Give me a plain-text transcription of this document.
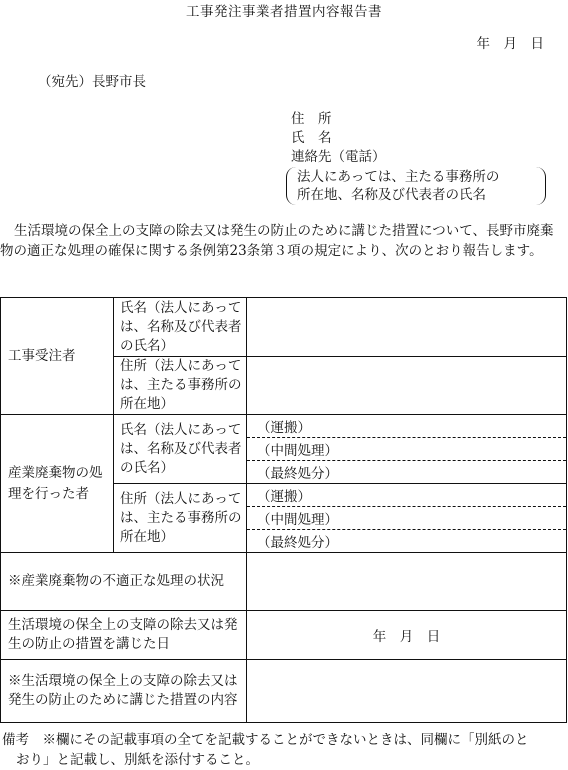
工事発注事業者措置内容報告書
年　月　日
（宛先）長野市長
住　所
氏　名
連絡先（電話）
法人にあっては、主たる事務所の
所在地、名称及び代表者の氏名

生活環境の保全上の支障の除去又は発生の防止のために講じた措置について、長野市廃棄物の適正な処理の確保に関する条例第23条第３項の規定により、次のとおり報告します。

工事受注者	氏名（法人にあっては、名称及び代表者の氏名）	
	住所（法人にあっては、主たる事務所の所在地）	
産業廃棄物の処理を行った者	氏名（法人にあっては、名称及び代表者の氏名）	（運搬）
		（中間処理）
		（最終処分）
	住所（法人にあっては、主たる事務所の所在地）	（運搬）
		（中間処理）
		（最終処分）
※産業廃棄物の不適正な処理の状況		
生活環境の保全上の支障の除去又は発生の防止の措置を講じた日		年　月　日
※生活環境の保全上の支障の除去又は発生の防止のために講じた措置の内容		
備考　※欄にその記載事項の全てを記載することができないときは、同欄に「別紙のと
おり」と記載し、別紙を添付すること。
